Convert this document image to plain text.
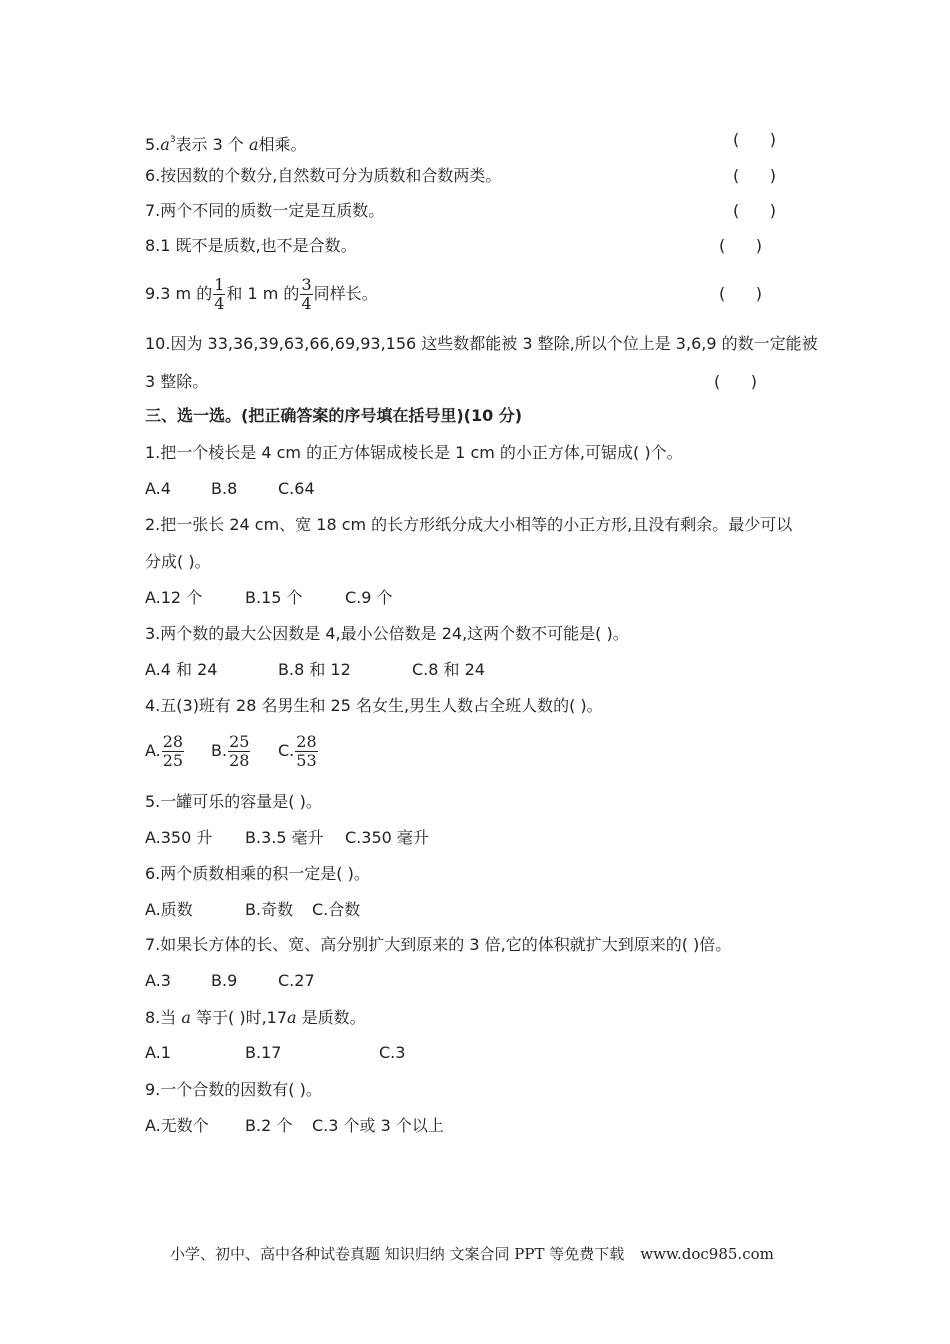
$5.a^3$表示 3 个 a相乘。	(      )
6.按因数的个数分,自然数可分为质数和合数两类。	(      )
7.两个不同的质数一定是互质数。	(      )
8.1 既不是质数,也不是合数。	(      )
9.3 m 的 $\frac{1}{4}$ 和 1 m 的 $\frac{3}{4}$ 同样长。	(      )
10.因为 33,36,39,63,66,69,93,156 这些数都能被 3 整除,所以个位上是 3,6,9 的数一定能被
3 整除。	(      )
三、选一选。(把正确答案的序号填在括号里)(10 分)
1.把一个棱长是 4 cm 的正方体锯成棱长是 1 cm 的小正方体,可锯成( )个。
A.4	B.8	C.64
2.把一张长 24 cm、宽 18 cm 的长方形纸分成大小相等的小正方形,且没有剩余。最少可以
分成( )。
A.12 个	B.15 个	C.9 个
3.两个数的最大公因数是 4,最小公倍数是 24,这两个数不可能是( )。
A.4 和 24	B.8 和 12	C.8 和 24
4.五(3)班有 28 名男生和 25 名女生,男生人数占全班人数的( )。
A. $\frac{28}{25} B$. $\frac{25}{28} C$. $\frac{28}{53}$
5.一罐可乐的容量是( )。
A.350 升 B.3.5 毫升 C.350 毫升
6.两个质数相乘的积一定是( )。
A.质数	B.奇数 C.合数
7.如果长方体的长、宽、高分别扩大到原来的 3 倍,它的体积就扩大到原来的( )倍。
A.3	B.9	C.27
8.当 a 等于( )时,17a 是质数。
A.1	B.17	C.3
9.一个合数的因数有( )。
A.无数个 B.2 个 C.3 个或 3 个以上
小学、初中、高中各种试卷真题 知识归纳 文案合同 PPT 等免费下载 www.doc985.com
